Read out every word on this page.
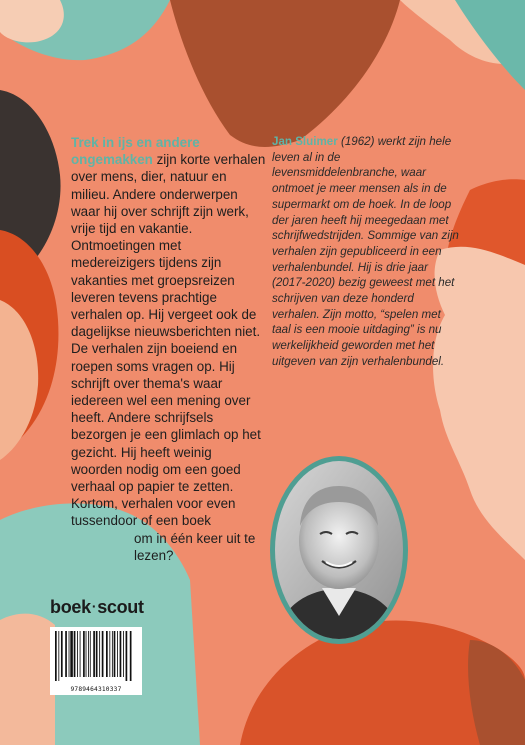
Trek in ijs en andere
ongemakken zijn korte verhalen over mens, dier, natuur en milieu. Andere onderwerpen waar hij over schrijft zijn werk, vrije tijd en vakantie. Ontmoetingen met medereizigers tijdens zijn vakanties met groepsreizen leveren tevens prachtige verhalen op. Hij vergeet ook de dagelijkse nieuwsberichten niet. De verhalen zijn boeiend en roepen soms vragen op. Hij schrijft over thema's waar iedereen wel een mening over heeft. Andere schrijfsels bezorgen je een glimlach op het gezicht. Hij heeft weinig woorden nodig om een goed verhaal op papier te zetten. Kortom, verhalen voor even tussendoor of een boek
om in één keer uit te lezen?
Jan Sluimer (1962) werkt zijn hele leven al in de levensmiddelenbranche, waar ontmoet je meer mensen als in de supermarkt om de hoek. In de loop der jaren heeft hij meegedaan met schrijfwedstrijden. Sommige van zijn verhalen zijn gepubliceerd in een verhalenbundel. Hij is drie jaar (2017-2020) bezig geweest met het schrijven van deze honderd verhalen. Zijn motto, “spelen met taal is een mooie uitdaging” is nu werkelijkheid geworden met het uitgeven van zijn verhalenbundel.
boek·scout
9789464310337
